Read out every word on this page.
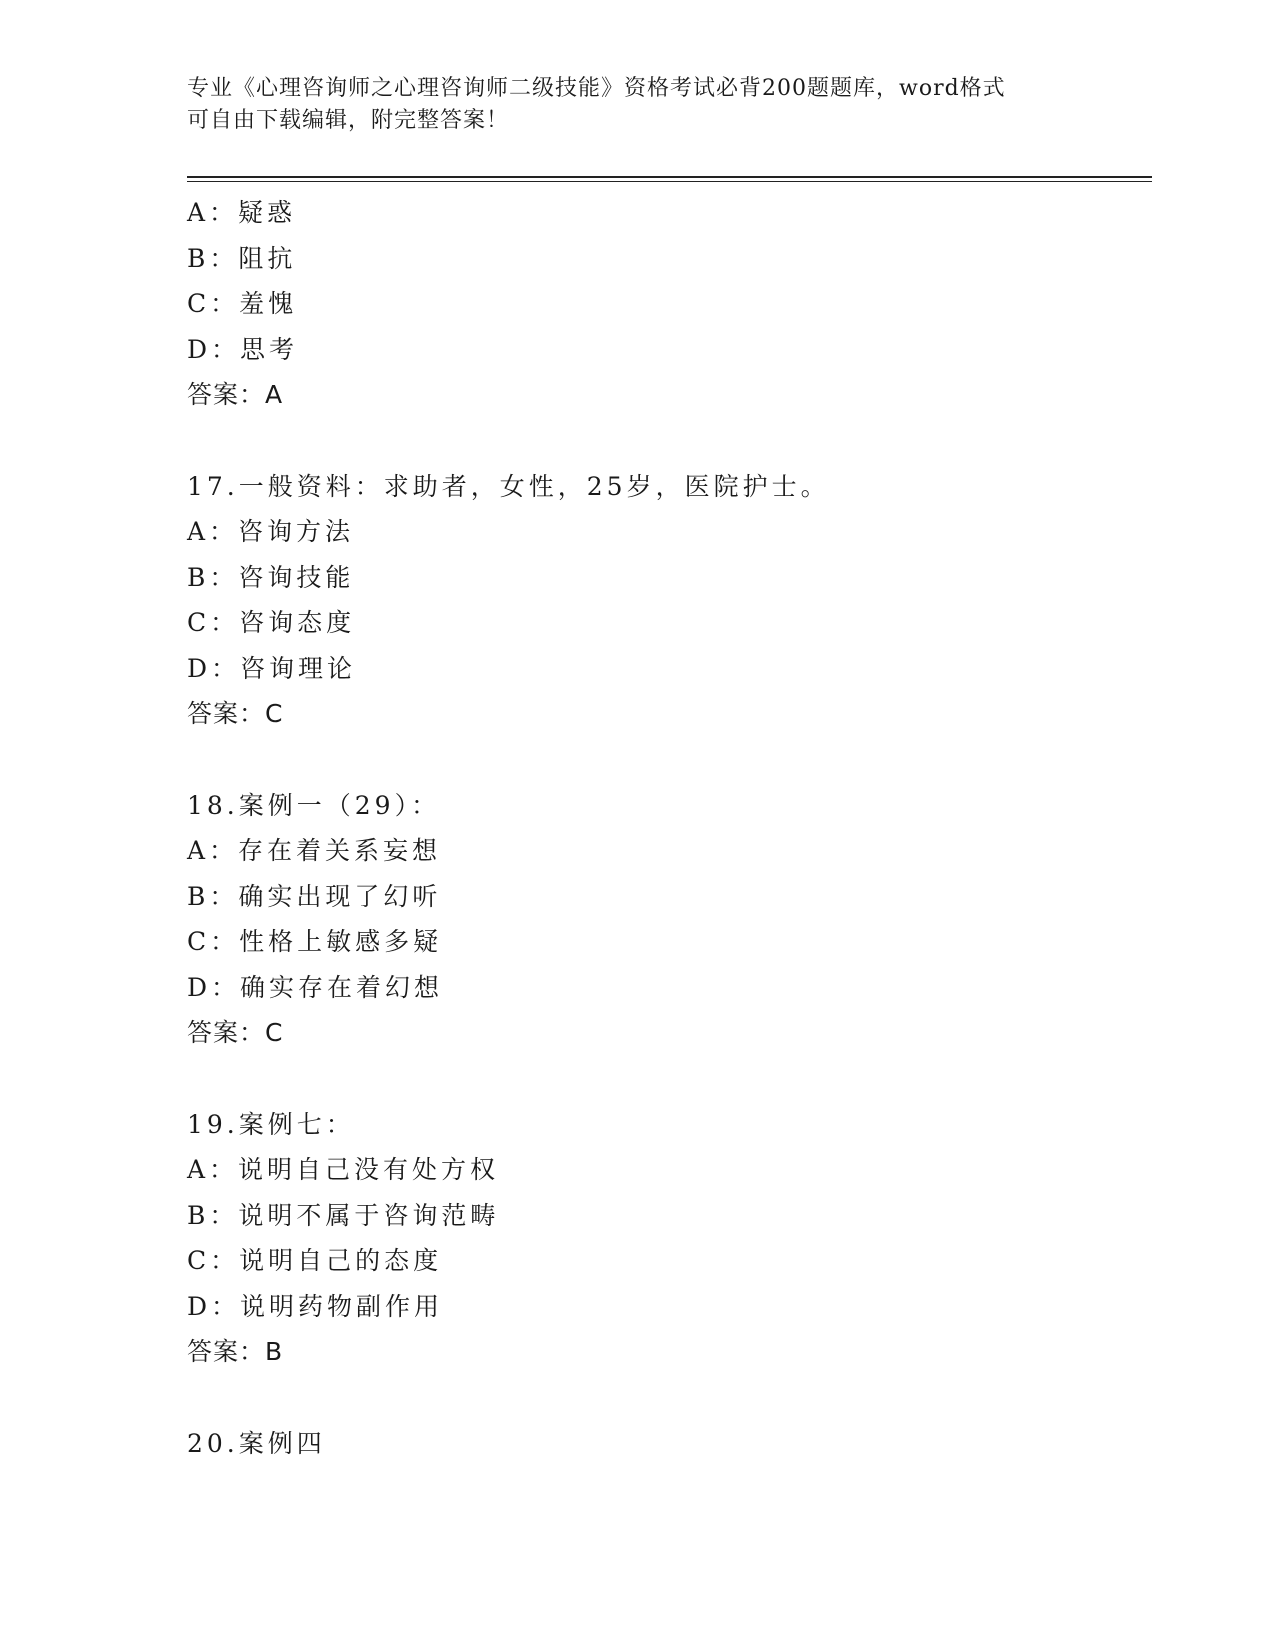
专业《心理咨询师之心理咨询师二级技能》资格考试必背200题题库，word格式
可自由下载编辑，附完整答案！
A：疑惑
B：阻抗
C：羞愧
D：思考
答案：A
17.一般资料：求助者，女性，25岁，医院护士。
A：咨询方法
B：咨询技能
C：咨询态度
D：咨询理论
答案：C
18.案例一（29）：
A：存在着关系妄想
B：确实出现了幻听
C：性格上敏感多疑
D：确实存在着幻想
答案：C
19.案例七：
A：说明自己没有处方权
B：说明不属于咨询范畴
C：说明自己的态度
D：说明药物副作用
答案：B
20.案例四
